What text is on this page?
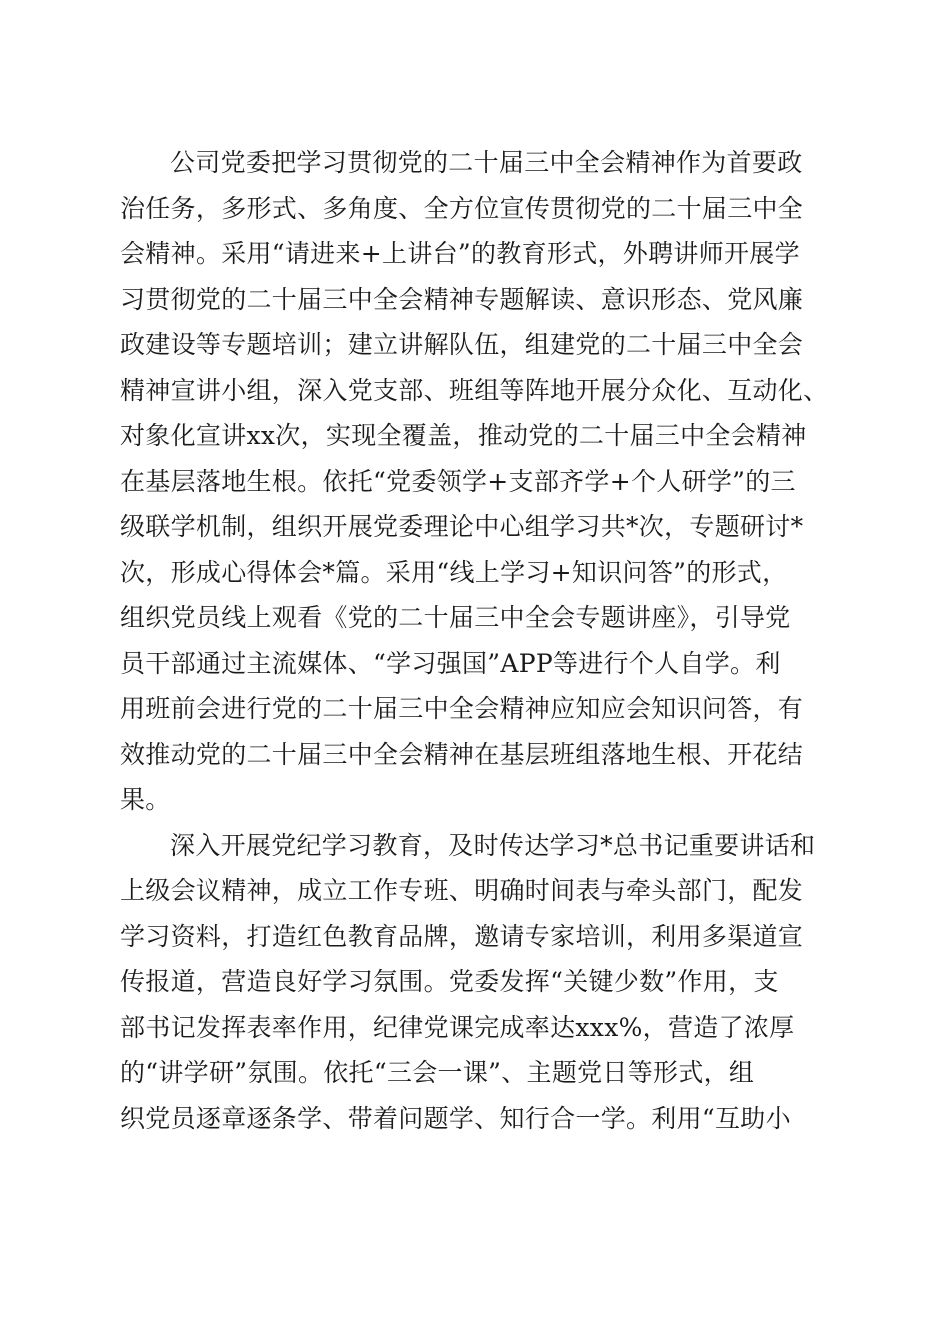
公司党委把学习贯彻党的二十届三中全会精神作为首要政
治任务，多形式、多角度、全方位宣传贯彻党的二十届三中全
会精神。采用“请进来+上讲台”的教育形式，外聘讲师开展学
习贯彻党的二十届三中全会精神专题解读、意识形态、党风廉
政建设等专题培训；建立讲解队伍，组建党的二十届三中全会
精神宣讲小组，深入党支部、班组等阵地开展分众化、互动化、
对象化宣讲xx次，实现全覆盖，推动党的二十届三中全会精神
在基层落地生根。依托“党委领学+支部齐学+个人研学”的三
级联学机制，组织开展党委理论中心组学习共*次，专题研讨*
次，形成心得体会*篇。采用“线上学习+知识问答”的形式，
组织党员线上观看《党的二十届三中全会专题讲座》，引导党
员干部通过主流媒体、“学习强国”APP等进行个人自学。利
用班前会进行党的二十届三中全会精神应知应会知识问答，有
效推动党的二十届三中全会精神在基层班组落地生根、开花结
果。
深入开展党纪学习教育，及时传达学习*总书记重要讲话和
上级会议精神，成立工作专班、明确时间表与牵头部门，配发
学习资料，打造红色教育品牌，邀请专家培训，利用多渠道宣
传报道，营造良好学习氛围。党委发挥“关键少数”作用，支
部书记发挥表率作用，纪律党课完成率达xxx%，营造了浓厚
的“讲学研”氛围。依托“三会一课”、主题党日等形式，组
织党员逐章逐条学、带着问题学、知行合一学。利用“互助小
